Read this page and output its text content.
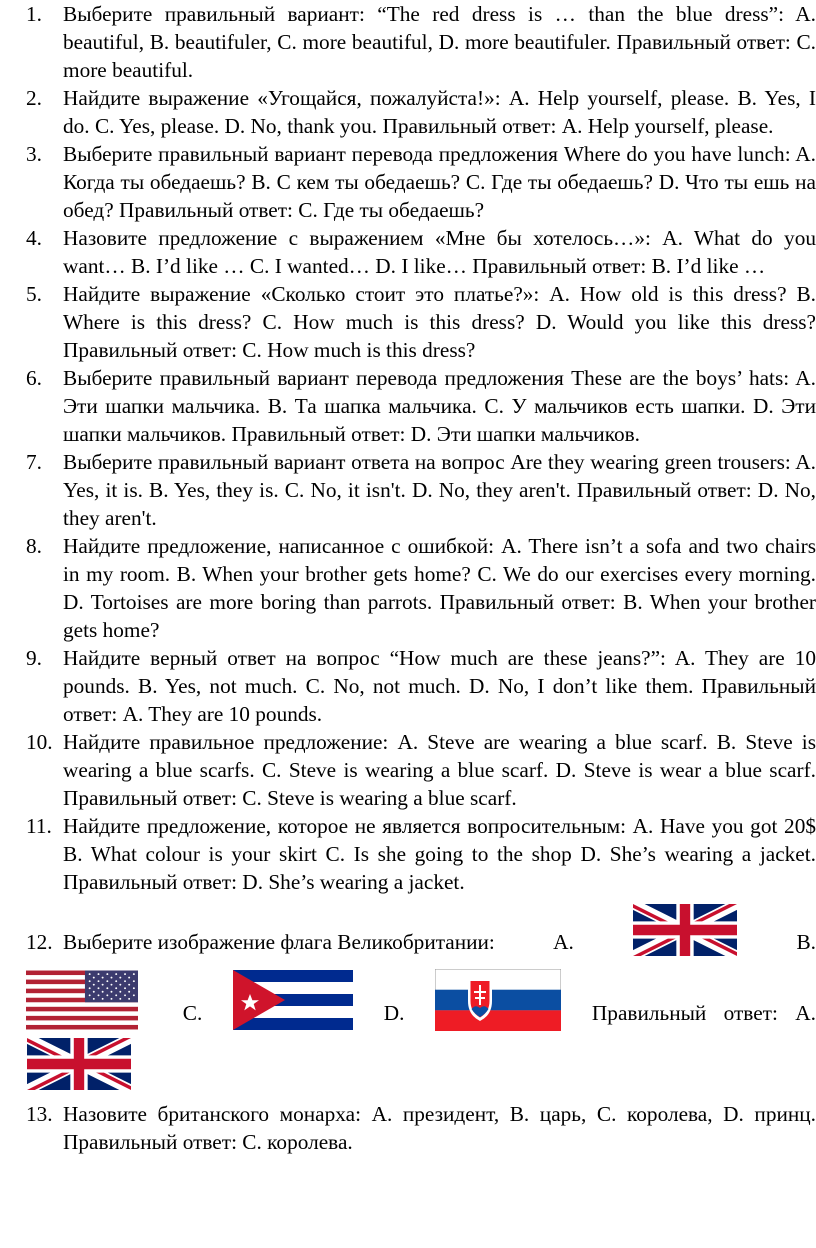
1. Выберите правильный вариант: “The red dress is … than the blue dress”: A. beautiful, B. beautifuler, C. more beautiful, D. more beautifuler. Правильный ответ: C. more beautiful.
2. Найдите выражение «Угощайся, пожалуйста!»: A. Help yourself, please. B. Yes, I do. C. Yes, please. D. No, thank you. Правильный ответ: A. Help yourself, please.
3. Выберите правильный вариант перевода предложения Where do you have lunch: A. Когда ты обедаешь? B. С кем ты обедаешь? C. Где ты обедаешь? D. Что ты ешь на обед? Правильный ответ: C. Где ты обедаешь?
4. Назовите предложение с выражением «Мне бы хотелось…»: A. What do you want… B. I’d like … C. I wanted… D. I like… Правильный ответ: B. I’d like …
5. Найдите выражение «Сколько стоит это платье?»: A. How old is this dress? B. Where is this dress? C. How much is this dress? D. Would you like this dress? Правильный ответ: C. How much is this dress?
6. Выберите правильный вариант перевода предложения These are the boys’ hats: A. Эти шапки мальчика. B. Та шапка мальчика. C. У мальчиков есть шапки. D. Эти шапки мальчиков. Правильный ответ: D. Эти шапки мальчиков.
7. Выберите правильный вариант ответа на вопрос Are they wearing green trousers: A. Yes, it is. B. Yes, they is. C. No, it isn't. D. No, they aren't. Правильный ответ: D. No, they aren't.
8. Найдите предложение, написанное с ошибкой: A. There isn’t a sofa and two chairs in my room. B. When your brother gets home? C. We do our exercises every morning. D. Tortoises are more boring than parrots. Правильный ответ: B. When your brother gets home?
9. Найдите верный ответ на вопрос “How much are these jeans?”: A. They are 10 pounds. B. Yes, not much. C. No, not much. D. No, I don’t like them. Правильный ответ: A. They are 10 pounds.
10. Найдите правильное предложение: A. Steve are wearing a blue scarf. B. Steve is wearing a blue scarfs. C. Steve is wearing a blue scarf. D. Steve is wear a blue scarf. Правильный ответ: C. Steve is wearing a blue scarf.
11. Найдите предложение, которое не является вопросительным: A. Have you got 20$ B. What colour is your skirt C. Is she going to the shop D. She’s wearing a jacket. Правильный ответ: D. She’s wearing a jacket.
12. Выберите изображение флага Великобритании:	A.	B.
C.	D.	Правильный ответ: A.
13. Назовите британского монарха: A. президент, B. царь, C. королева, D. принц. Правильный ответ: C. королева.
